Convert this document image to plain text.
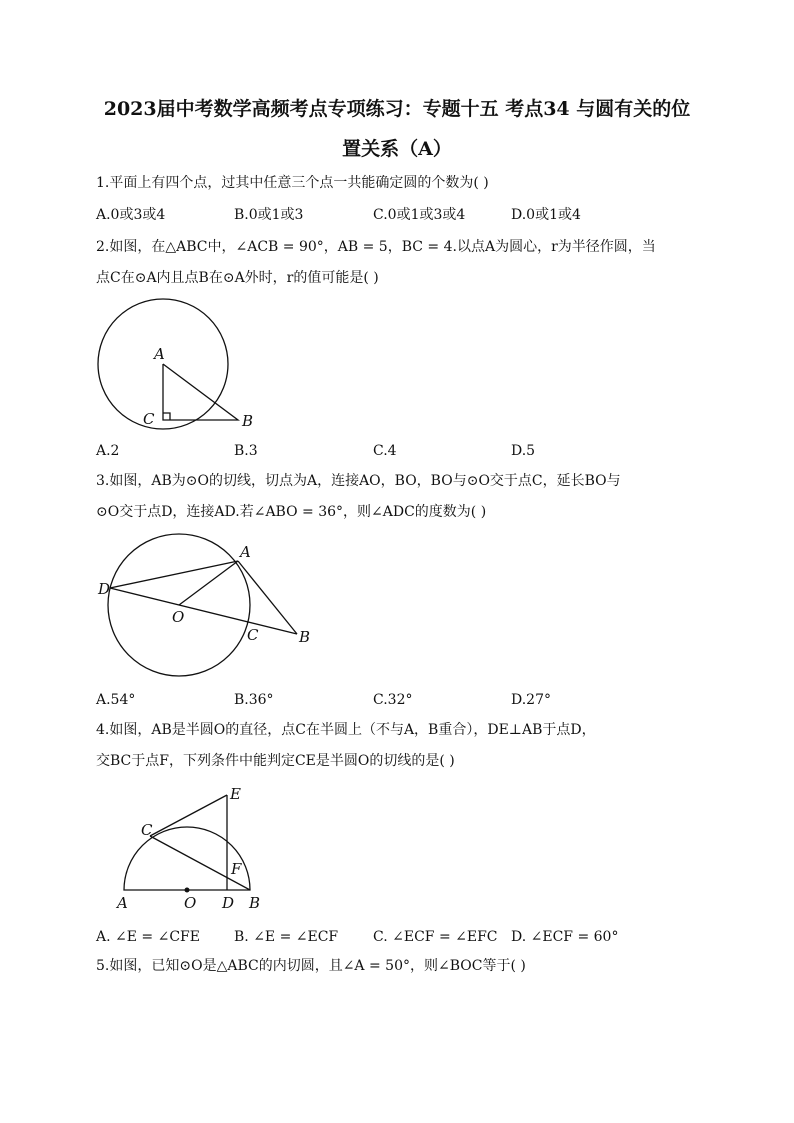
2023届中考数学高频考点专项练习：专题十五 考点34 与圆有关的位
置关系（A）
1.平面上有四个点，过其中任意三个点一共能确定圆的个数为( )
A.0或3或4	B.0或1或3	C.0或1或3或4	D.0或1或4
2.如图，在△ABC中，∠ACB = 90°，AB = 5，BC = 4.以点A为圆心，r为半径作圆，当
点C在⊙A内且点B在⊙A外时，r的值可能是( )
A
C	B
A.2	B.3	C.4	D.5
3.如图，AB为⊙O的切线，切点为A，连接AO，BO，BO与⊙O交于点C，延长BO与
⊙O交于点D，连接AD.若∠ABO = 36°，则∠ADC的度数为( )
A
D
O
C	B
A.54°	B.36°	C.32°	D.27°
4.如图，AB是半圆O的直径，点C在半圆上（不与A，B重合），DE⊥AB于点D，
交BC于点F，下列条件中能判定CE是半圆O的切线的是( )
E
C
F
A	O D B
A. ∠E = ∠CFE B. ∠E = ∠ECF C. ∠ECF = ∠EFC D. ∠ECF = 60°
5.如图，已知⊙O是△ABC的内切圆，且∠A = 50°，则∠BOC等于( )
